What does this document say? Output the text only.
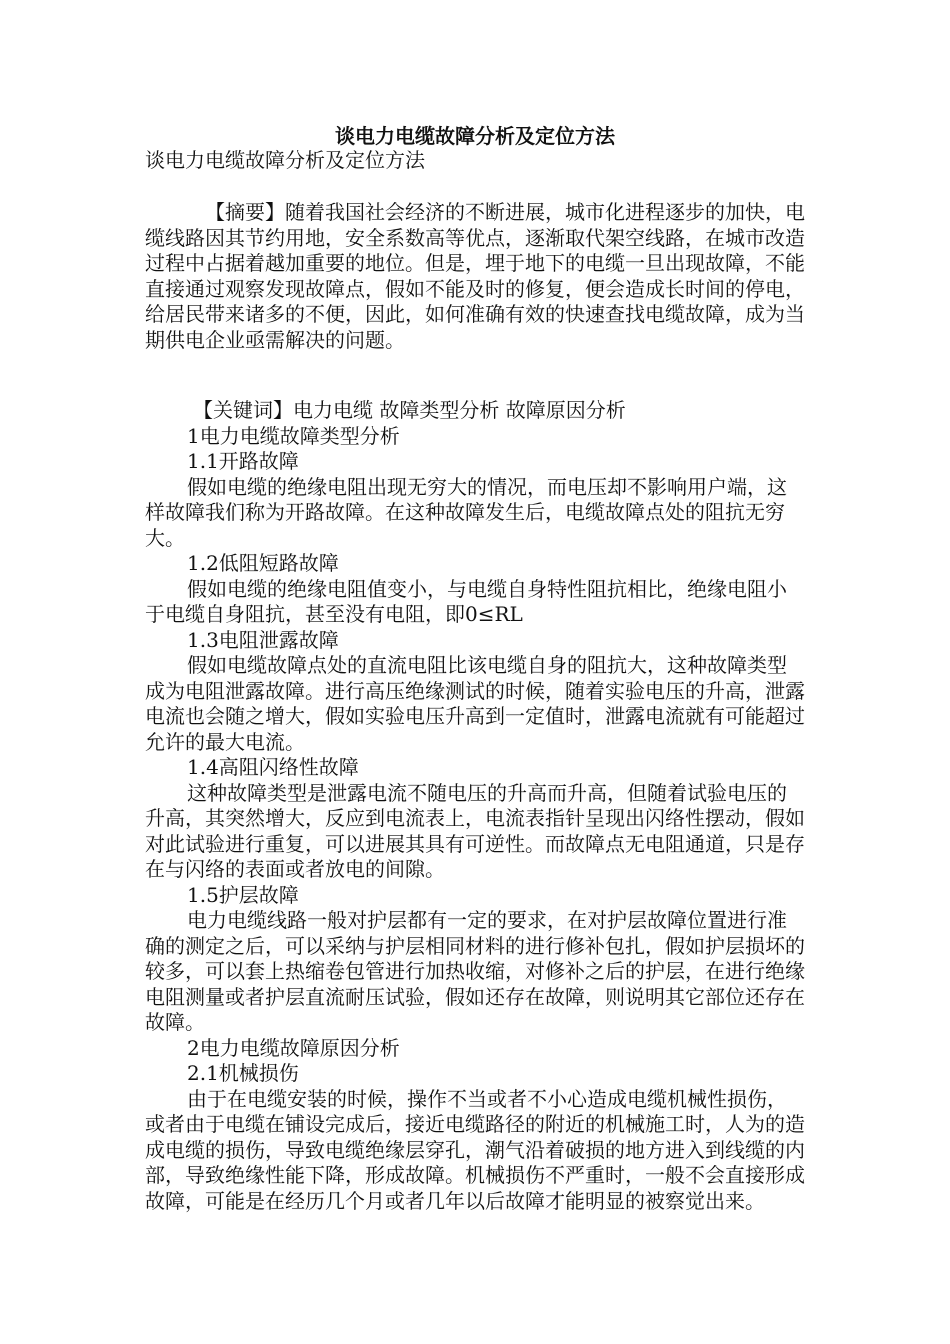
谈电力电缆故障分析及定位方法

谈电力电缆故障分析及定位方法

【摘要】随着我国社会经济的不断进展，城市化进程逐步的加快，电缆线路因其节约用地，安全系数高等优点，逐渐取代架空线路，在城市改造过程中占据着越加重要的地位。但是，埋于地下的电缆一旦出现故障，不能直接通过观察发现故障点，假如不能及时的修复，便会造成长时间的停电，给居民带来诸多的不便，因此，如何准确有效的快速查找电缆故障，成为当期供电企业亟需解决的问题。

【关键词】电力电缆 故障类型分析 故障原因分析

1电力电缆故障类型分析

1.1开路故障

假如电缆的绝缘电阻出现无穷大的情况，而电压却不影响用户端，这样故障我们称为开路故障。在这种故障发生后，电缆故障点处的阻抗无穷大。

1.2低阻短路故障

假如电缆的绝缘电阻值变小，与电缆自身特性阻抗相比，绝缘电阻小于电缆自身阻抗，甚至没有电阻，即0≤RL

1.3电阻泄露故障

假如电缆故障点处的直流电阻比该电缆自身的阻抗大，这种故障类型成为电阻泄露故障。进行高压绝缘测试的时候，随着实验电压的升高，泄露电流也会随之增大，假如实验电压升高到一定值时，泄露电流就有可能超过允许的最大电流。

1.4高阻闪络性故障

这种故障类型是泄露电流不随电压的升高而升高，但随着试验电压的升高，其突然增大，反应到电流表上，电流表指针呈现出闪络性摆动，假如对此试验进行重复，可以进展其具有可逆性。而故障点无电阻通道，只是存在与闪络的表面或者放电的间隙。

1.5护层故障

电力电缆线路一般对护层都有一定的要求，在对护层故障位置进行准确的测定之后，可以采纳与护层相同材料的进行修补包扎，假如护层损坏的较多，可以套上热缩卷包管进行加热收缩，对修补之后的护层，在进行绝缘电阻测量或者护层直流耐压试验，假如还存在故障，则说明其它部位还存在故障。

2电力电缆故障原因分析

2.1机械损伤

由于在电缆安装的时候，操作不当或者不小心造成电缆机械性损伤，或者由于电缆在铺设完成后，接近电缆路径的附近的机械施工时，人为的造成电缆的损伤，导致电缆绝缘层穿孔，潮气沿着破损的地方进入到线缆的内部，导致绝缘性能下降，形成故障。机械损伤不严重时，一般不会直接形成故障，可能是在经历几个月或者几年以后故障才能明显的被察觉出来。
